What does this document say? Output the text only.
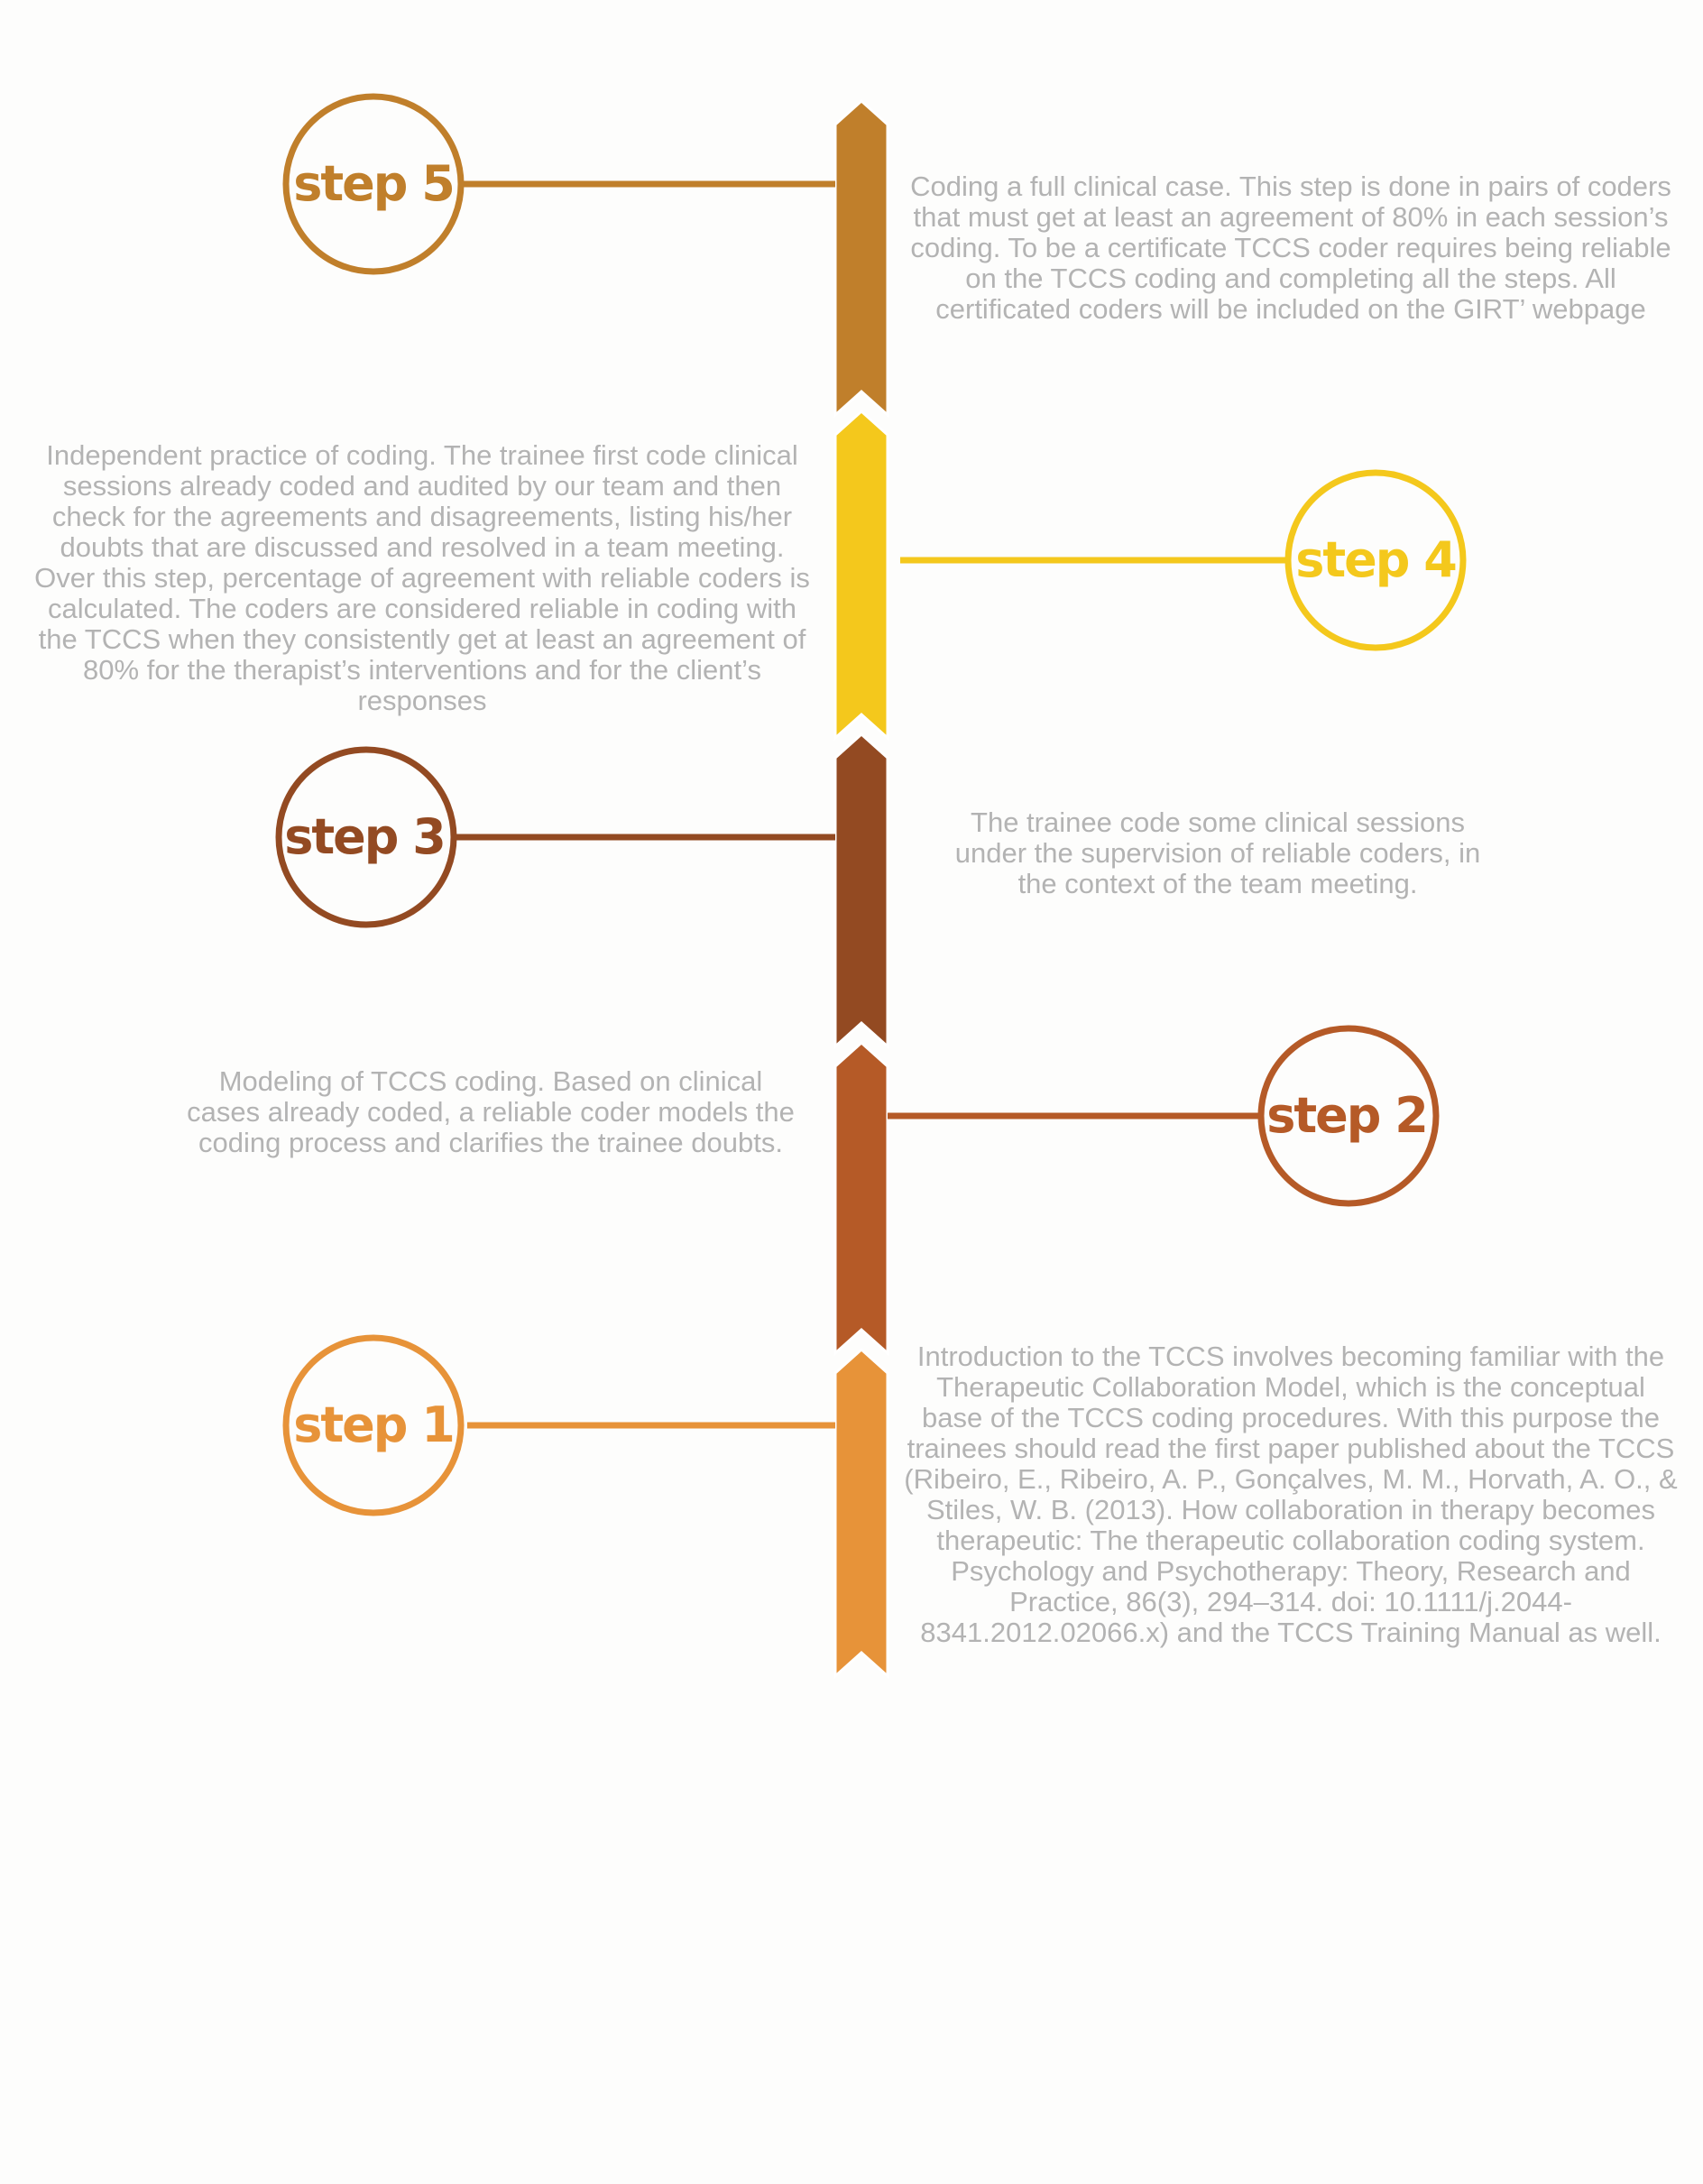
step 5
step 4
step 3
step 2
step 1

Coding a full clinical case. This step is done in pairs of coders that must get at least an agreement of 80% in each session’s coding. To be a certificate TCCS coder requires being reliable on the TCCS coding and completing all the steps. All certificated coders will be included on the GIRT’ webpage

Independent practice of coding. The trainee first code clinical sessions already coded and audited by our team and then check for the agreements and disagreements, listing his/her doubts that are discussed and resolved in a team meeting. Over this step, percentage of agreement with reliable coders is calculated. The coders are considered reliable in coding with the TCCS when they consistently get at least an agreement of 80% for the therapist’s interventions and for the client’s responses

The trainee code some clinical sessions under the supervision of reliable coders, in the context of the team meeting.

Modeling of TCCS coding. Based on clinical cases already coded, a reliable coder models the coding process and clarifies the trainee doubts.

Introduction to the TCCS involves becoming familiar with the Therapeutic Collaboration Model, which is the conceptual base of the TCCS coding procedures. With this purpose the trainees should read the first paper published about the TCCS (Ribeiro, E., Ribeiro, A. P., Gonçalves, M. M., Horvath, A. O., & Stiles, W. B. (2013). How collaboration in therapy becomes therapeutic: The therapeutic collaboration coding system. Psychology and Psychotherapy: Theory, Research and Practice, 86(3), 294–314. doi: 10.1111/j.2044-8341.2012.02066.x) and the TCCS Training Manual as well.
